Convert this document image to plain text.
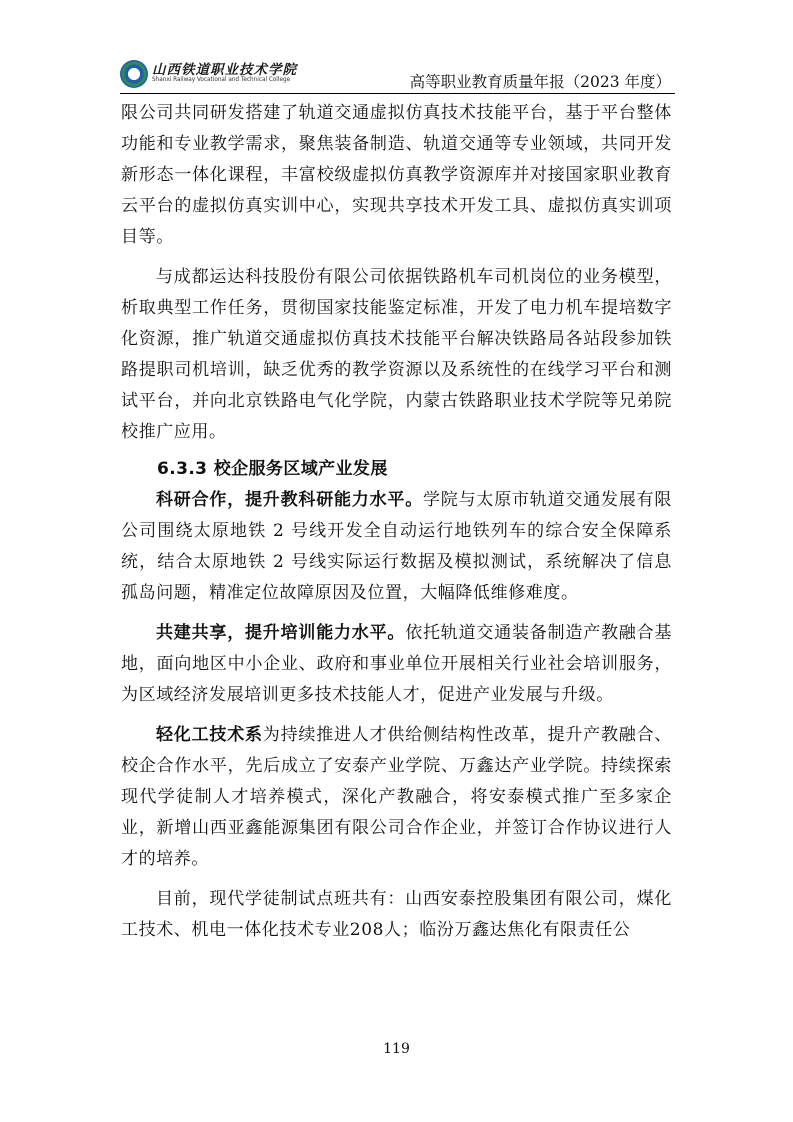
山西铁道职业技术学院
Shanxi Railway Vocational and Technical College	高等职业教育质量年报（2023 年度）

限公司共同研发搭建了轨道交通虚拟仿真技术技能平台，基于平台整体功能和专业教学需求，聚焦装备制造、轨道交通等专业领域，共同开发新形态一体化课程，丰富校级虚拟仿真教学资源库并对接国家职业教育云平台的虚拟仿真实训中心，实现共享技术开发工具、虚拟仿真实训项目等。

与成都运达科技股份有限公司依据铁路机车司机岗位的业务模型，析取典型工作任务，贯彻国家技能鉴定标准，开发了电力机车提培数字化资源，推广轨道交通虚拟仿真技术技能平台解决铁路局各站段参加铁路提职司机培训，缺乏优秀的教学资源以及系统性的在线学习平台和测试平台，并向北京铁路电气化学院，内蒙古铁路职业技术学院等兄弟院校推广应用。

6.3.3 校企服务区域产业发展

科研合作，提升教科研能力水平。学院与太原市轨道交通发展有限公司围绕太原地铁 2 号线开发全自动运行地铁列车的综合安全保障系统，结合太原地铁 2 号线实际运行数据及模拟测试，系统解决了信息孤岛问题，精准定位故障原因及位置，大幅降低维修难度。

共建共享，提升培训能力水平。依托轨道交通装备制造产教融合基地，面向地区中小企业、政府和事业单位开展相关行业社会培训服务，为区域经济发展培训更多技术技能人才，促进产业发展与升级。

轻化工技术系为持续推进人才供给侧结构性改革，提升产教融合、校企合作水平，先后成立了安泰产业学院、万鑫达产业学院。持续探索现代学徒制人才培养模式，深化产教融合，将安泰模式推广至多家企业，新增山西亚鑫能源集团有限公司合作企业，并签订合作协议进行人才的培养。

目前，现代学徒制试点班共有：山西安泰控股集团有限公司，煤化工技术、机电一体化技术专业208人；临汾万鑫达焦化有限责任公

119
